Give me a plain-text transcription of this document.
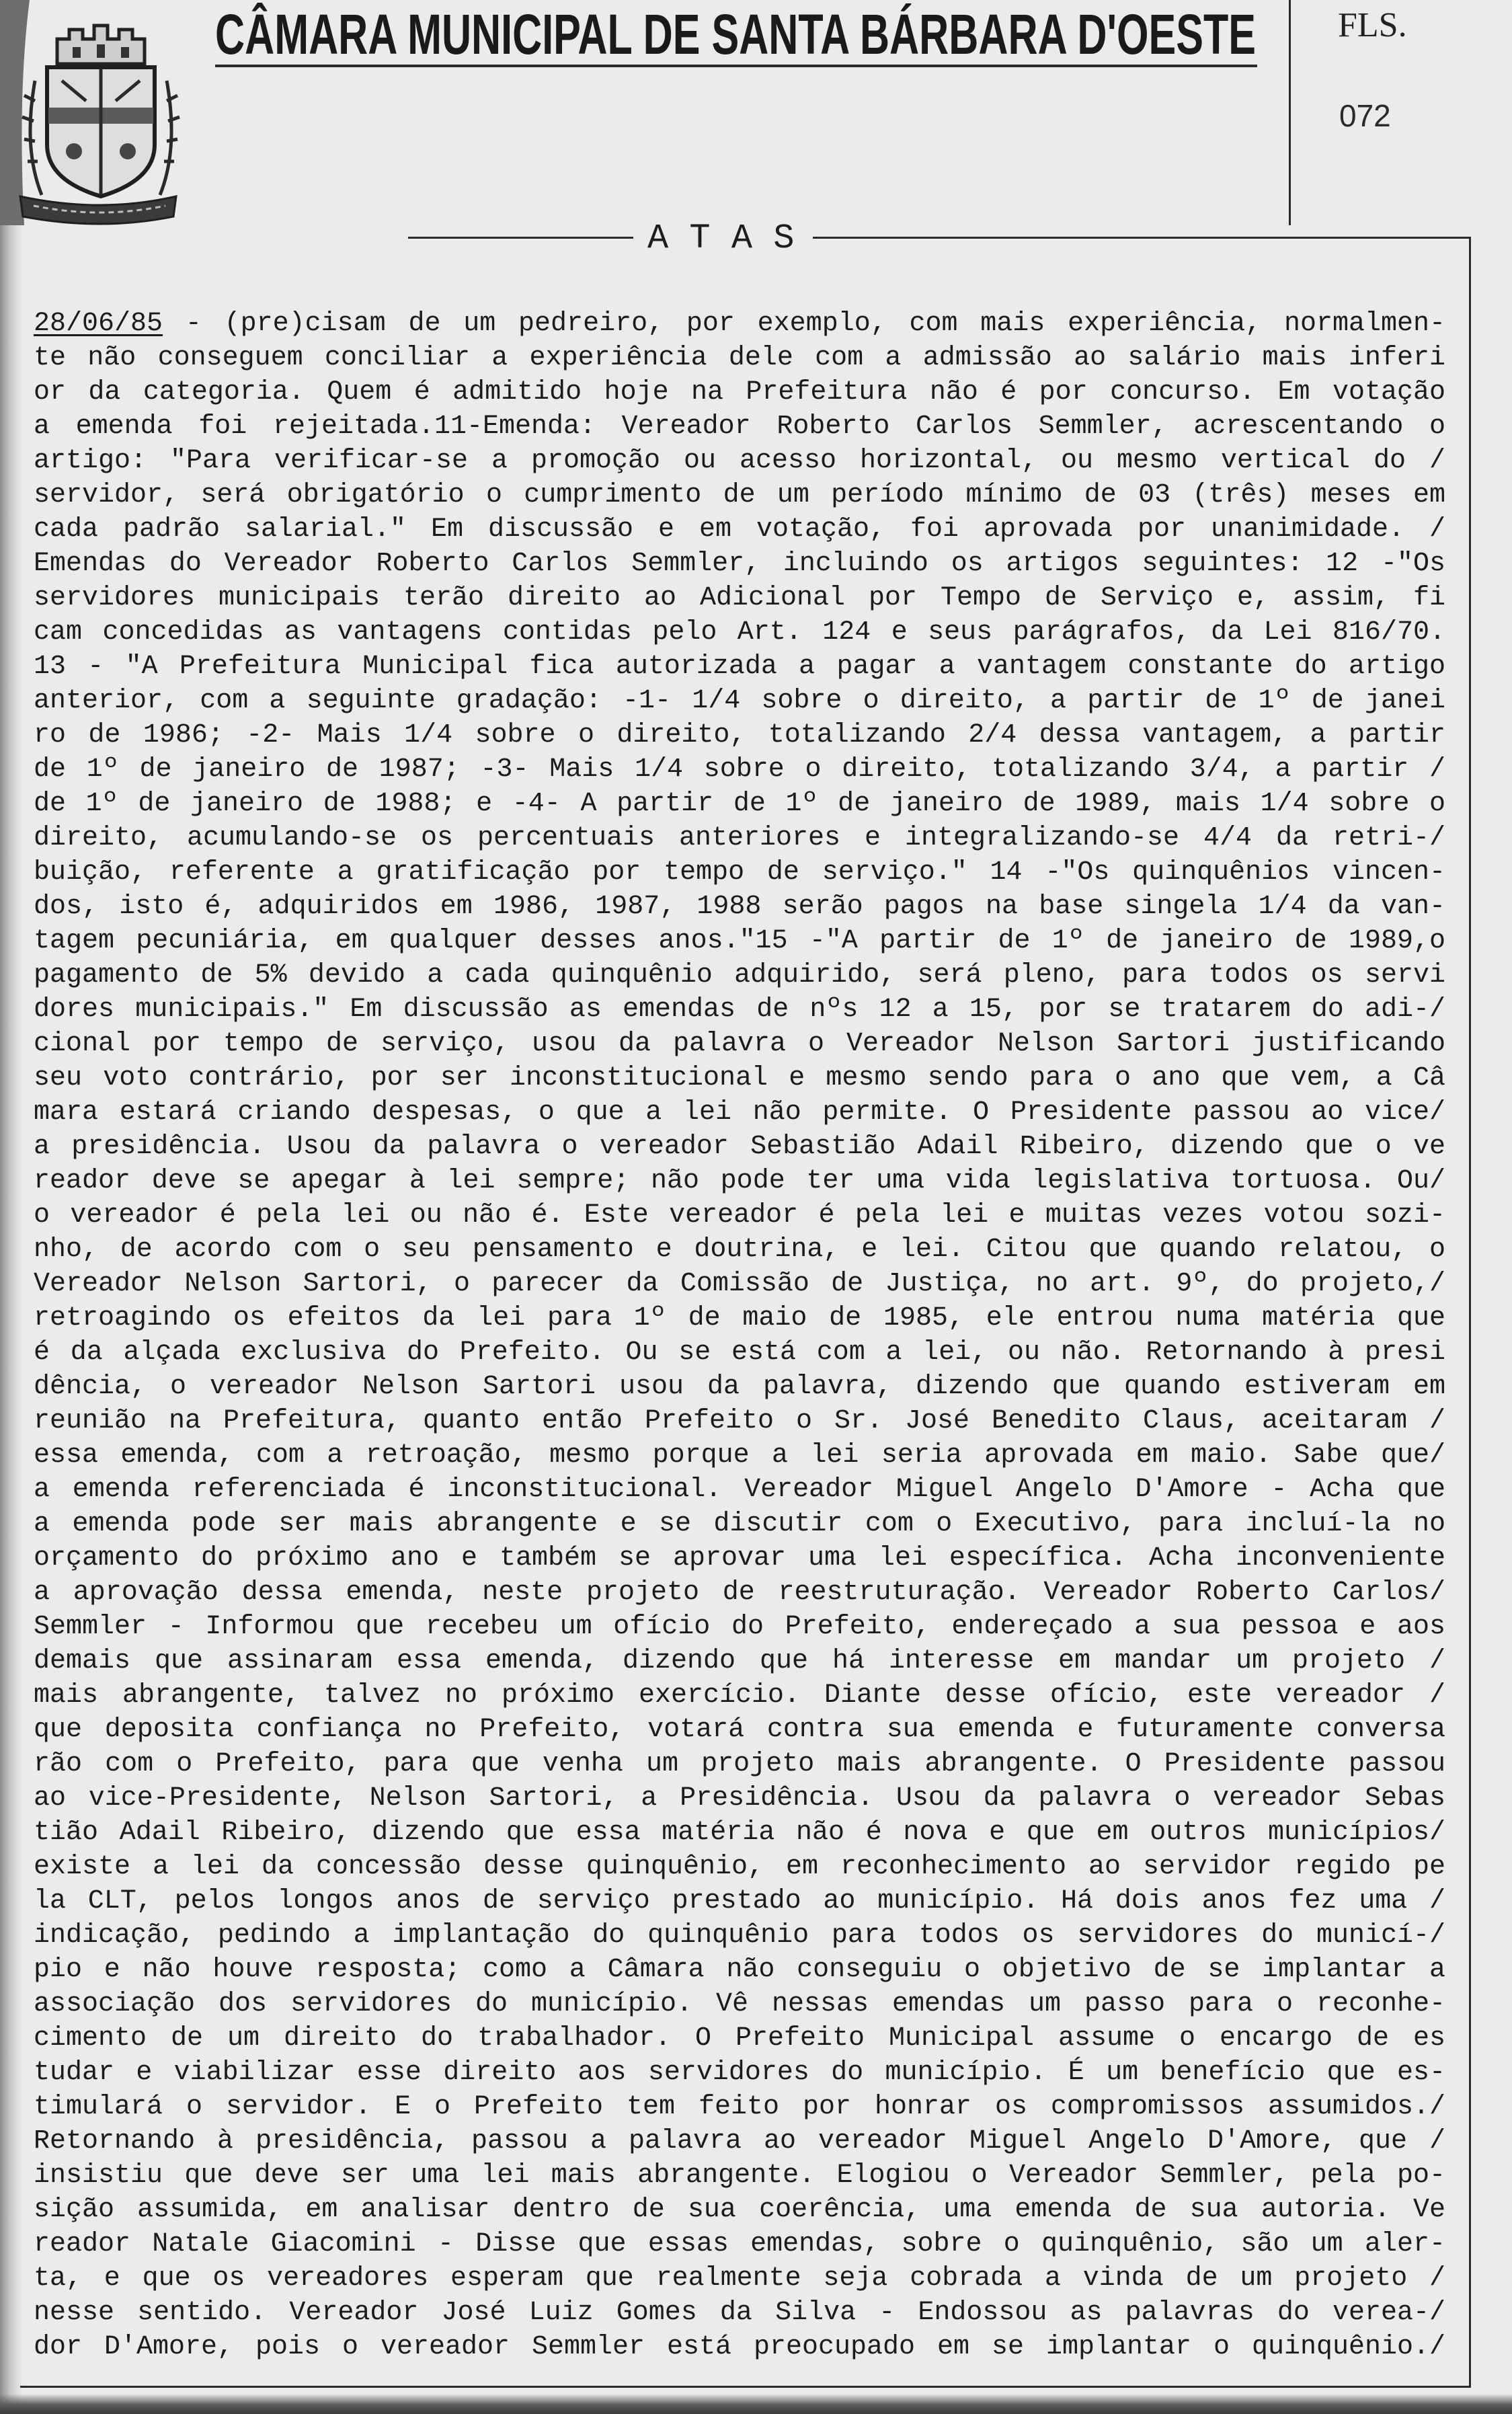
CÂMARA MUNICIPAL DE SANTA BÁRBARA D'OESTE FLS.
072
A T A S
28/06/85 - (pre)cisam de um pedreiro, por exemplo, com mais experiência, normalmen-
te não conseguem conciliar a experiência dele com a admissão ao salário mais inferi
or da categoria. Quem é admitido hoje na Prefeitura não é por concurso. Em votação
a emenda foi rejeitada.11-Emenda: Vereador Roberto Carlos Semmler, acrescentando o
artigo: "Para verificar-se a promoção ou acesso horizontal, ou mesmo vertical do /
servidor, será obrigatório o cumprimento de um período mínimo de 03 (três) meses em
cada padrão salarial." Em discussão e em votação, foi aprovada por unanimidade. /
Emendas do Vereador Roberto Carlos Semmler, incluindo os artigos seguintes: 12 -"Os
servidores municipais terão direito ao Adicional por Tempo de Serviço e, assim, fi
cam concedidas as vantagens contidas pelo Art. 124 e seus parágrafos, da Lei 816/70.
13 - "A Prefeitura Municipal fica autorizada a pagar a vantagem constante do artigo
anterior, com a seguinte gradação: -1- 1/4 sobre o direito, a partir de 1º de janei
ro de 1986; -2- Mais 1/4 sobre o direito, totalizando 2/4 dessa vantagem, a partir
de 1º de janeiro de 1987; -3- Mais 1/4 sobre o direito, totalizando 3/4, a partir /
de 1º de janeiro de 1988; e -4- A partir de 1º de janeiro de 1989, mais 1/4 sobre o
direito, acumulando-se os percentuais anteriores e integralizando-se 4/4 da retri-/
buição, referente a gratificação por tempo de serviço." 14 -"Os quinquênios vincen-
dos, isto é, adquiridos em 1986, 1987, 1988 serão pagos na base singela 1/4 da van-
tagem pecuniária, em qualquer desses anos."15 -"A partir de 1º de janeiro de 1989,o
pagamento de 5% devido a cada quinquênio adquirido, será pleno, para todos os servi
dores municipais." Em discussão as emendas de nºs 12 a 15, por se tratarem do adi-/
cional por tempo de serviço, usou da palavra o Vereador Nelson Sartori justificando
seu voto contrário, por ser inconstitucional e mesmo sendo para o ano que vem, a Câ
mara estará criando despesas, o que a lei não permite. O Presidente passou ao vice/
a presidência. Usou da palavra o vereador Sebastião Adail Ribeiro, dizendo que o ve
reador deve se apegar à lei sempre; não pode ter uma vida legislativa tortuosa. Ou/
o vereador é pela lei ou não é. Este vereador é pela lei e muitas vezes votou sozi-
nho, de acordo com o seu pensamento e doutrina, e lei. Citou que quando relatou, o
Vereador Nelson Sartori, o parecer da Comissão de Justiça, no art. 9º, do projeto,/
retroagindo os efeitos da lei para 1º de maio de 1985, ele entrou numa matéria que
é da alçada exclusiva do Prefeito. Ou se está com a lei, ou não. Retornando à presi
dência, o vereador Nelson Sartori usou da palavra, dizendo que quando estiveram em
reunião na Prefeitura, quanto então Prefeito o Sr. José Benedito Claus, aceitaram /
essa emenda, com a retroação, mesmo porque a lei seria aprovada em maio. Sabe que/
a emenda referenciada é inconstitucional. Vereador Miguel Angelo D'Amore - Acha que
a emenda pode ser mais abrangente e se discutir com o Executivo, para incluí-la no
orçamento do próximo ano e também se aprovar uma lei específica. Acha inconveniente
a aprovação dessa emenda, neste projeto de reestruturação. Vereador Roberto Carlos/
Semmler - Informou que recebeu um ofício do Prefeito, endereçado a sua pessoa e aos
demais que assinaram essa emenda, dizendo que há interesse em mandar um projeto /
mais abrangente, talvez no próximo exercício. Diante desse ofício, este vereador /
que deposita confiança no Prefeito, votará contra sua emenda e futuramente conversa
rão com o Prefeito, para que venha um projeto mais abrangente. O Presidente passou
ao vice-Presidente, Nelson Sartori, a Presidência. Usou da palavra o vereador Sebas
tião Adail Ribeiro, dizendo que essa matéria não é nova e que em outros municípios/
existe a lei da concessão desse quinquênio, em reconhecimento ao servidor regido pe
la CLT, pelos longos anos de serviço prestado ao município. Há dois anos fez uma /
indicação, pedindo a implantação do quinquênio para todos os servidores do municí-/
pio e não houve resposta; como a Câmara não conseguiu o objetivo de se implantar a
associação dos servidores do município. Vê nessas emendas um passo para o reconhe-
cimento de um direito do trabalhador. O Prefeito Municipal assume o encargo de es
tudar e viabilizar esse direito aos servidores do município. É um benefício que es-
timulará o servidor. E o Prefeito tem feito por honrar os compromissos assumidos./
Retornando à presidência, passou a palavra ao vereador Miguel Angelo D'Amore, que /
insistiu que deve ser uma lei mais abrangente. Elogiou o Vereador Semmler, pela po-
sição assumida, em analisar dentro de sua coerência, uma emenda de sua autoria. Ve
reador Natale Giacomini - Disse que essas emendas, sobre o quinquênio, são um aler-
ta, e que os vereadores esperam que realmente seja cobrada a vinda de um projeto /
nesse sentido. Vereador José Luiz Gomes da Silva - Endossou as palavras do verea-/
dor D'Amore, pois o vereador Semmler está preocupado em se implantar o quinquênio./
